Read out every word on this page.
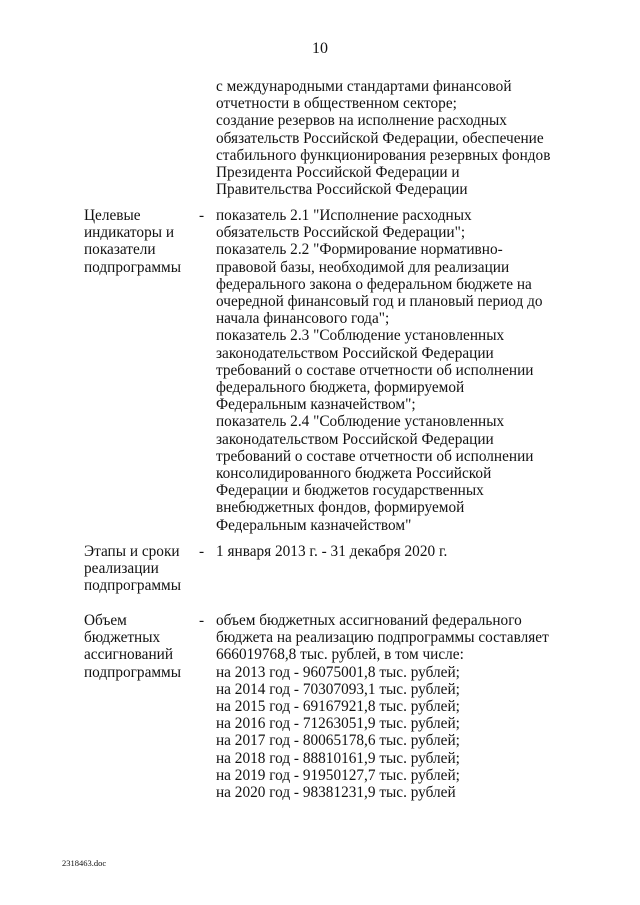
10
с международными стандартами финансовой
отчетности в общественном секторе;
создание резервов на исполнение расходных
обязательств Российской Федерации, обеспечение
стабильного функционирования резервных фондов
Президента Российской Федерации и
Правительства Российской Федерации
Целевые
индикаторы и
показатели
подпрограммы
- показатель 2.1 "Исполнение расходных
обязательств Российской Федерации";
показатель 2.2 "Формирование нормативно-
правовой базы, необходимой для реализации
федерального закона о федеральном бюджете на
очередной финансовый год и плановый период до
начала финансового года";
показатель 2.3 "Соблюдение установленных
законодательством Российской Федерации
требований о составе отчетности об исполнении
федерального бюджета, формируемой
Федеральным казначейством";
показатель 2.4 "Соблюдение установленных
законодательством Российской Федерации
требований о составе отчетности об исполнении
консолидированного бюджета Российской
Федерации и бюджетов государственных
внебюджетных фондов, формируемой
Федеральным казначейством"
Этапы и сроки
реализации
подпрограммы
- 1 января 2013 г. - 31 декабря 2020 г.
Объем
бюджетных
ассигнований
подпрограммы
- объем бюджетных ассигнований федерального
бюджета на реализацию подпрограммы составляет
666019768,8 тыс. рублей, в том числе:
на 2013 год - 96075001,8 тыс. рублей;
на 2014 год - 70307093,1 тыс. рублей;
на 2015 год - 69167921,8 тыс. рублей;
на 2016 год - 71263051,9 тыс. рублей;
на 2017 год - 80065178,6 тыс. рублей;
на 2018 год - 88810161,9 тыс. рублей;
на 2019 год - 91950127,7 тыс. рублей;
на 2020 год - 98381231,9 тыс. рублей
2318463.doc
